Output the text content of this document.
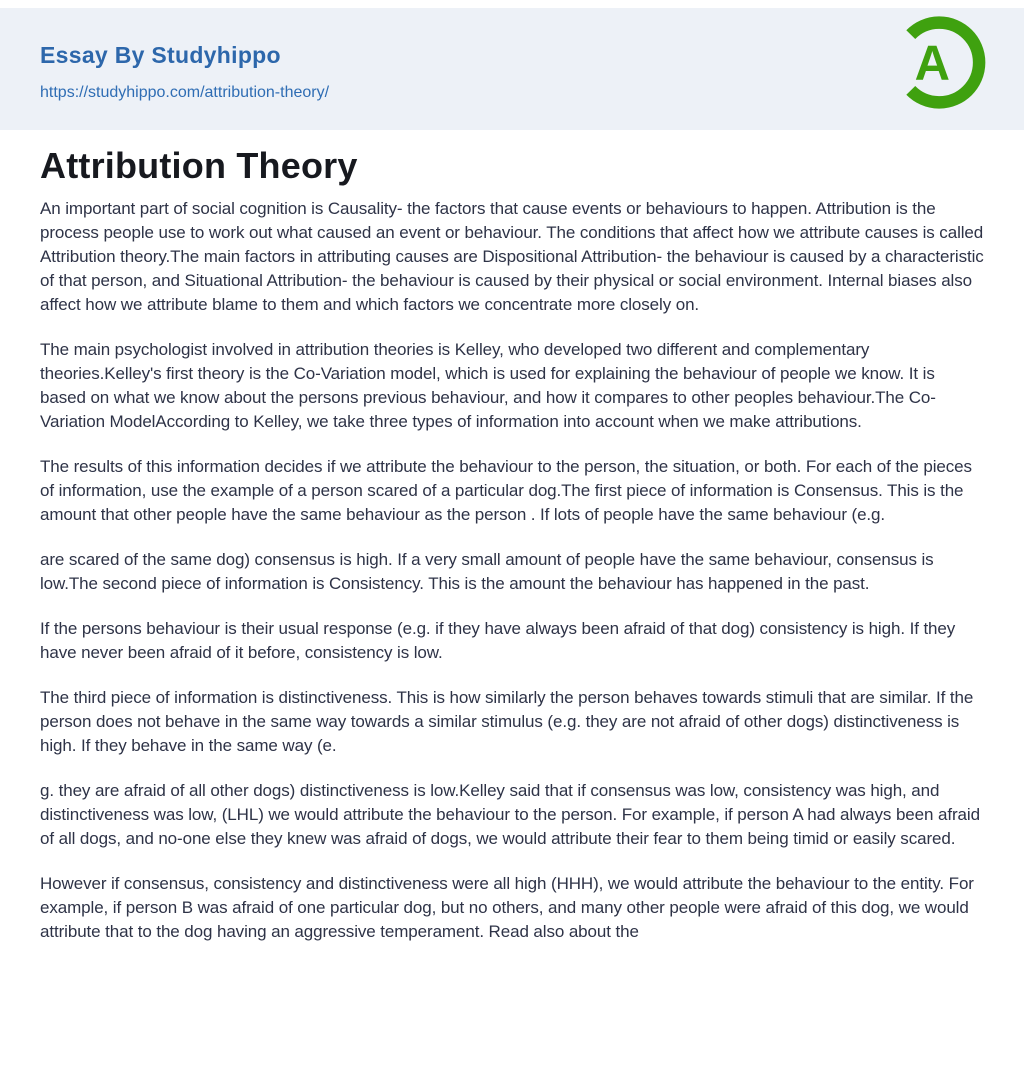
Essay By Studyhippo
https://studyhippo.com/attribution-theory/
A
Attribution Theory

An important part of social cognition is Causality- the factors that cause events or behaviours to happen. Attribution is the process people use to work out what caused an event or behaviour. The conditions that affect how we attribute causes is called Attribution theory.The main factors in attributing causes are Dispositional Attribution- the behaviour is caused by a characteristic of that person, and Situational Attribution- the behaviour is caused by their physical or social environment. Internal biases also affect how we attribute blame to them and which factors we concentrate more closely on.

The main psychologist involved in attribution theories is Kelley, who developed two different and complementary theories.Kelley's first theory is the Co-Variation model, which is used for explaining the behaviour of people we know. It is based on what we know about the persons previous behaviour, and how it compares to other peoples behaviour.The Co-Variation ModelAccording to Kelley, we take three types of information into account when we make attributions.

The results of this information decides if we attribute the behaviour to the person, the situation, or both. For each of the pieces of information, use the example of a person scared of a particular dog.The first piece of information is Consensus. This is the amount that other people have the same behaviour as the person . If lots of people have the same behaviour (e.g.

are scared of the same dog) consensus is high. If a very small amount of people have the same behaviour, consensus is low.The second piece of information is Consistency. This is the amount the behaviour has happened in the past.

If the persons behaviour is their usual response (e.g. if they have always been afraid of that dog) consistency is high. If they have never been afraid of it before, consistency is low.

The third piece of information is distinctiveness. This is how similarly the person behaves towards stimuli that are similar. If the person does not behave in the same way towards a similar stimulus (e.g. they are not afraid of other dogs) distinctiveness is high. If they behave in the same way (e.

g. they are afraid of all other dogs) distinctiveness is low.Kelley said that if consensus was low, consistency was high, and distinctiveness was low, (LHL) we would attribute the behaviour to the person. For example, if person A had always been afraid of all dogs, and no-one else they knew was afraid of dogs, we would attribute their fear to them being timid or easily scared.

However if consensus, consistency and distinctiveness were all high (HHH), we would attribute the behaviour to the entity. For example, if person B was afraid of one particular dog, but no others, and many other people were afraid of this dog, we would attribute that to the dog having an aggressive temperament. Read also about the
